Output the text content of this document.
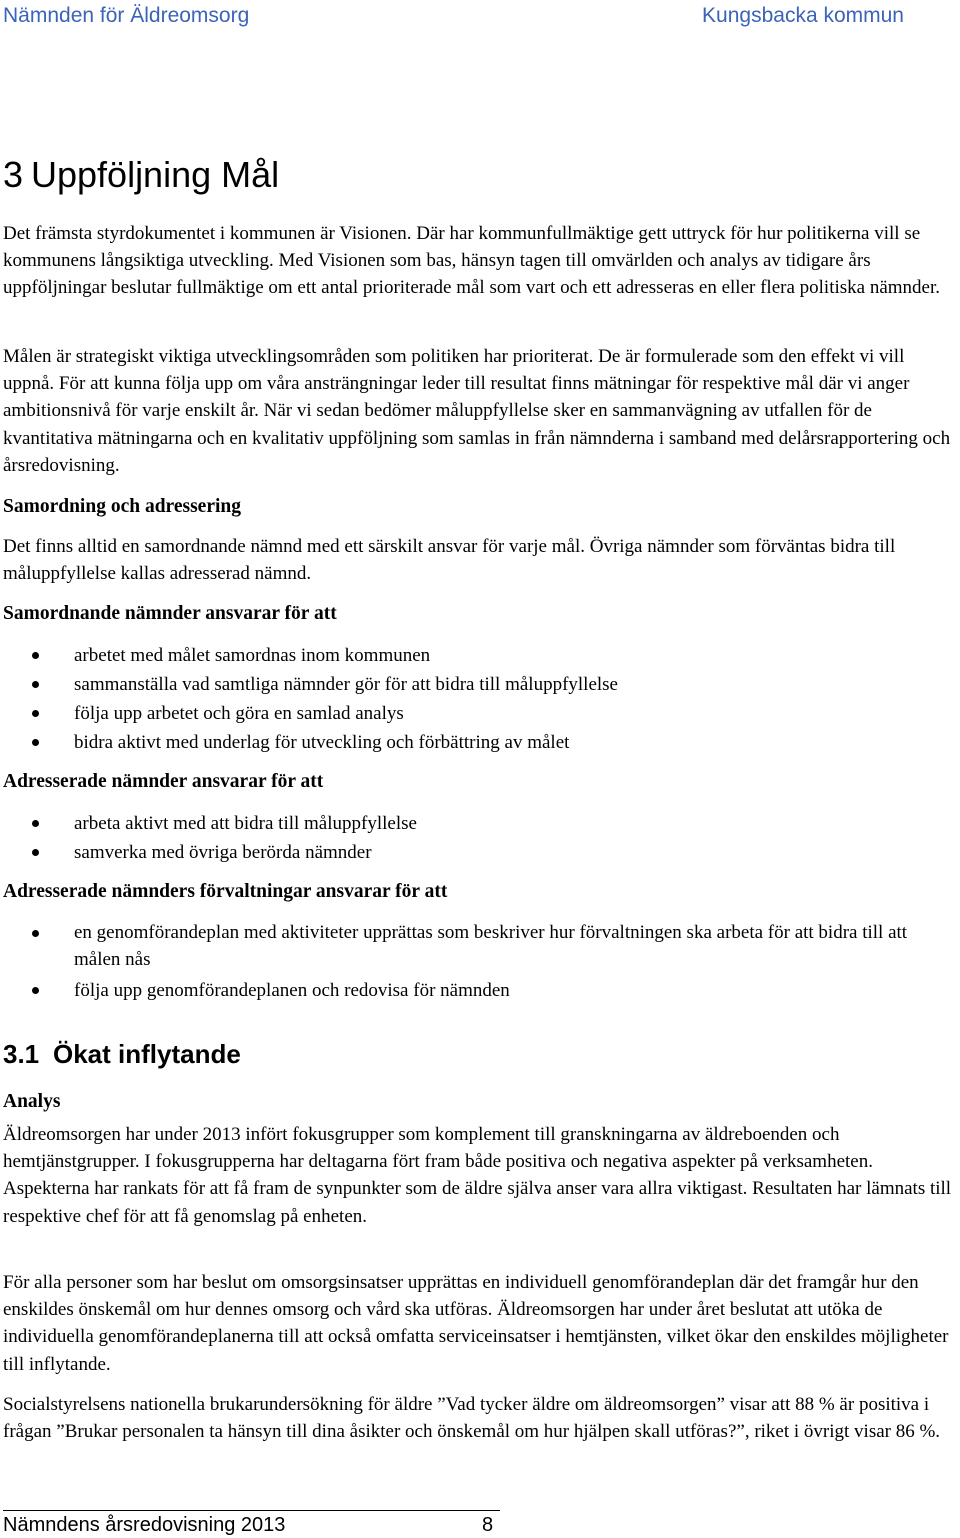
Nämnden för Äldreomsorg	Kungsbacka kommun
3 Uppföljning Mål
Det främsta styrdokumentet i kommunen är Visionen. Där har kommunfullmäktige gett uttryck för hur politikerna vill se kommunens långsiktiga utveckling. Med Visionen som bas, hänsyn tagen till omvärlden och analys av tidigare års uppföljningar beslutar fullmäktige om ett antal prioriterade mål som vart och ett adresseras en eller flera politiska nämnder.
Målen är strategiskt viktiga utvecklingsområden som politiken har prioriterat. De är formulerade som den effekt vi vill uppnå. För att kunna följa upp om våra ansträngningar leder till resultat finns mätningar för respektive mål där vi anger ambitionsnivå för varje enskilt år. När vi sedan bedömer måluppfyllelse sker en sammanvägning av utfallen för de kvantitativa mätningarna och en kvalitativ uppföljning som samlas in från nämnderna i samband med delårsrapportering och årsredovisning.
Samordning och adressering
Det finns alltid en samordnande nämnd med ett särskilt ansvar för varje mål. Övriga nämnder som förväntas bidra till måluppfyllelse kallas adresserad nämnd.
Samordnande nämnder ansvarar för att
arbetet med målet samordnas inom kommunen
sammanställa vad samtliga nämnder gör för att bidra till måluppfyllelse
följa upp arbetet och göra en samlad analys
bidra aktivt med underlag för utveckling och förbättring av målet
Adresserade nämnder ansvarar för att
arbeta aktivt med att bidra till måluppfyllelse
samverka med övriga berörda nämnder
Adresserade nämnders förvaltningar ansvarar för att
en genomförandeplan med aktiviteter upprättas som beskriver hur förvaltningen ska arbeta för att bidra till att målen nås
följa upp genomförandeplanen och redovisa för nämnden
3.1 Ökat inflytande
Analys
Äldreomsorgen har under 2013 infört fokusgrupper som komplement till granskningarna av äldreboenden och hemtjänstgrupper. I fokusgrupperna har deltagarna fört fram både positiva och negativa aspekter på verksamheten. Aspekterna har rankats för att få fram de synpunkter som de äldre själva anser vara allra viktigast. Resultaten har lämnats till respektive chef för att få genomslag på enheten.
För alla personer som har beslut om omsorgsinsatser upprättas en individuell genomförandeplan där det framgår hur den enskildes önskemål om hur dennes omsorg och vård ska utföras. Äldreomsorgen har under året beslutat att utöka de individuella genomförandeplanerna till att också omfatta serviceinsatser i hemtjänsten, vilket ökar den enskildes möjligheter till inflytande.
Socialstyrelsens nationella brukarundersökning för äldre ”Vad tycker äldre om äldreomsorgen” visar att 88 % är positiva i frågan ”Brukar personalen ta hänsyn till dina åsikter och önskemål om hur hjälpen skall utföras?”, riket i övrigt visar 86 %.
Nämndens årsredovisning 2013	8
